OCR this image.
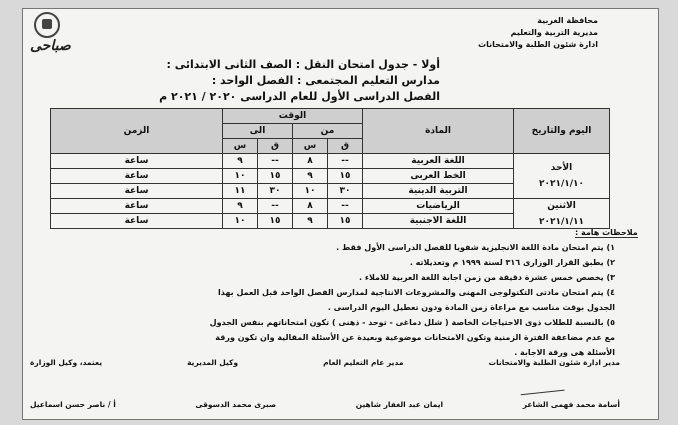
صباحى
محافظة الغربية
مديرية التربية والتعليم
ادارة شئون الطلبة والامتحانات
أولا - جدول امتحان النقل : الصف الثانى الابتدائى :
مدارس التعليم المجتمعى : الفصل الواحد :
الفصل الدراسى الأول للعام الدراسى ٢٠٢٠ / ٢٠٢١ م
اليوم والتاريخ	المادة	الوقت				الزمن
		من		الى		
		ق	س	ق	س	

الأحد
٢٠٢١/١/١٠	اللغة العربية	--	٨	--	٩	ساعة
	الخط العربى	١٥	٩	١٥	١٠	ساعة
	التربية الدينية	٣٠	١٠	٣٠	١١	ساعة

الاثنين
٢٠٢١/١/١١	الرياضيات	--	٨	--	٩	ساعة
	اللغة الاجنبية	١٥	٩	١٥	١٠	ساعة
ملاحظات هامة :
١) يتم امتحان مادة اللغة الانجليزية شفويا للفصل الدراسى الأول فقط .
٢) يطبق القرار الوزارى ٣١٦ لسنة ١٩٩٩ م وتعديلاته .
٣) يخصص خمس عشرة دقيقة من زمن اجابة اللغة العربية للاملاء .
٤) يتم امتحان مادتى التكنولوجى المهنى والمشروعات الانتاجية لمدارس الفصل الواحد قبل العمل بهذا
الجدول بوقت مناسب مع مراعاة زمن المادة ودون تعطيل اليوم الدراسى .
٥) بالنسبة للطلاب ذوى الاحتياجات الخاصة ( شلل دماغى - توحد - ذهنى ) تكون امتحاناتهم بنفس الجدول
مع عدم مضاعفة الفترة الزمنية وتكون الامتحانات موضوعية وبعيدة عن الأسئلة المقالية وان تكون ورقة
الأسئلة هى ورقة الاجابة .
مدير ادارة شئون الطلبة والامتحانات
مدير عام التعليم العام
وكيل المديرية
يعتمد، وكيل الوزارة
أسامة محمد فهمى الشاعر
ايمان عبد الغفار شاهين
صبرى محمد الدسوقى
أ / ناصر حسن اسماعيل
